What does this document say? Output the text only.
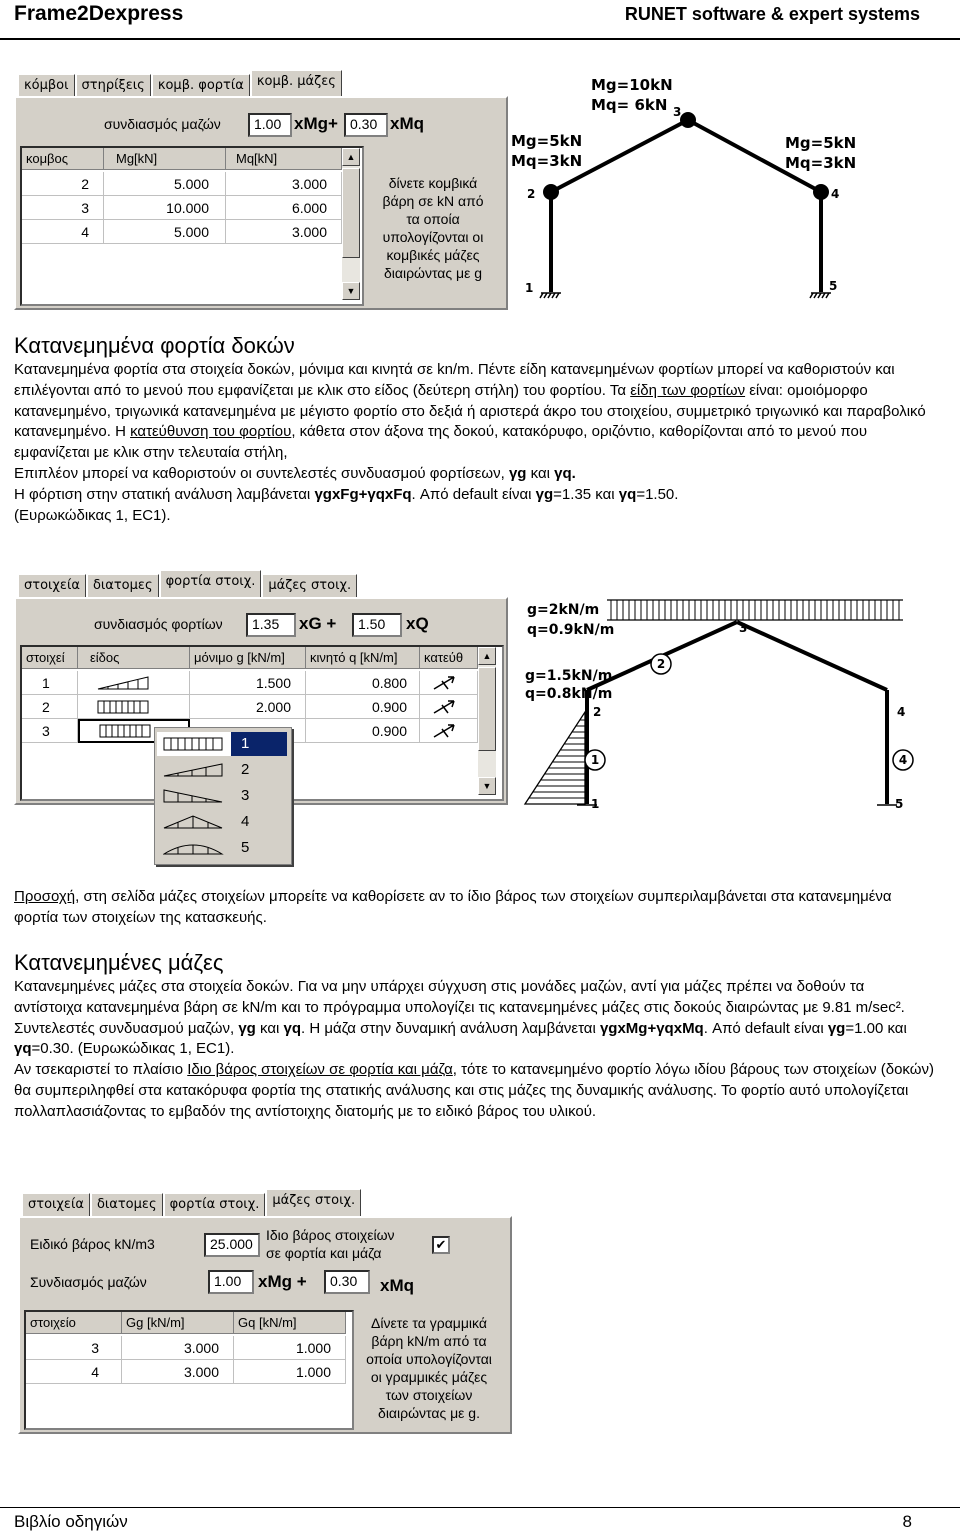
Frame2Dexpress	RUNET software & expert systems
κόμβοι	στηρίξεις	κομβ. φορτία	κομβ. μάζες
συνδιασμός μαζών	1.00 xMg+ 0.30 xMq
κομβος	Mg[kN]	Mq[kN]
2	5.000	3.000
3	10.000	6.000
4	5.000	3.000
▲
▼
δίνετε κομβικά
βάρη σε kN από
τα οποία
υπολογίζονται οι
κομβικές μάζες
διαιρώντας με g
Mg=10kN
Mq= 6kN
Mg=5kN
Mq=3kN
Mg=5kN
Mq=3kN
1
2
3
4
5
Κατανεμημένα φορτία δοκών
Κατανεμημένα φορτία στα στοιχεία δοκών, μόνιμα και κινητά σε kn/m. Πέντε είδη κατανεμημένων φορτίων μπορεί να καθοριστούν και επιλέγονται από το μενού που εμφανίζεται με κλικ στο είδος (δεύτερη στήλη) του φορτίου. Τα είδη των φορτίων είναι: ομοιόμορφο κατανεμημένο, τριγωνικά κατανεμημένα με μέγιστο φορτίο στο δεξιά ή αριστερά άκρο του στοιχείου, συμμετρικό τριγωνικό και παραβολικό κατανεμημένο. Η κατεύθυνση του φορτίου, κάθετα στον άξονα της δοκού, κατακόρυφο, οριζόντιο, καθορίζονται από το μενού που εμφανίζεται με κλικ στην τελευταία στήλη,
Επιπλέον μπορεί να καθοριστούν οι συντελεστές συνδυασμού φορτίσεων, γg και γq.
Η φόρτιση στην στατική ανάλυση λαμβάνεται γgxFg+γqxFq. Από default είναι γg=1.35 και γq=1.50.
(Ευρωκώδικας 1, EC1).
στοιχεία	διατομες	φορτία στοιχ.	μάζες στοιχ.
συνδιασμός φορτίων	1.35	xG +	1.50	xQ
στοιχεί	είδος	μόνιμο g [kN/m]	κινητό q [kN/m]	κατεύθ
1	1.500	0.800
2	2.000	0.900
3	0.900
▲
▼
1
2
3
4
5
1
2
4
g=2kN/m
q=0.9kN/m
g=1.5kN/m
q=0.8kN/m
1
2
3
4
5
Προσοχή, στη σελίδα μάζες στοιχείων μπορείτε να καθορίσετε αν το ίδιο βάρος των στοιχείων συμπεριλαμβάνεται στα κατανεμημένα φορτία των στοιχείων της κατασκευής.
Κατανεμημένες μάζες
Κατανεμημένες μάζες στα στοιχεία δοκών. Για να μην υπάρχει σύγχυση στις μονάδες μαζών, αντί για μάζες πρέπει να δοθούν τα αντίστοιχα κατανεμημένα βάρη σε kN/m και το πρόγραμμα υπολογίζει τις κατανεμημένες μάζες στις δοκούς διαιρώντας με 9.81 m/sec².
Συντελεστές συνδυασμού μαζών, γg και γq. Η μάζα στην δυναμική ανάλυση λαμβάνεται γgxMg+γqxMq. Από default είναι γg=1.00 και γq=0.30. (Ευρωκώδικας 1, EC1).
Αν τσεκαριστεί το πλαίσιο Ιδιο βάρος στοιχείων σε φορτία και μάζα, τότε το κατανεμημένο φορτίο λόγω ιδίου βάρους των στοιχείων (δοκών) θα συμπεριληφθεί στα κατακόρυφα φορτία της στατικής ανάλυσης και στις μάζες της δυναμικής ανάλυσης. Το φορτίο αυτό υπολογίζεται πολλαπλασιάζοντας το εμβαδόν της αντίστοιχης διατομής με το ειδικό βάρος του υλικού.
στοιχεία	διατομες	φορτία στοιχ.	μάζες στοιχ.
Ειδικό βάρος kN/m3	25.000
Ιδιο βάρος στοιχείων
σε φορτία και μάζα
✔
Συνδιασμός μαζών	1.00 xMg +	0.30	xMq
στοιχείο	Gg [kN/m]	Gq [kN/m]
3	3.000	1.000
4	3.000	1.000
Δίνετε τα γραμμικά
βάρη kN/m από τα
οποία υπολογίζονται
οι γραμμικές μάζες
των στοιχείων
διαιρώντας με g.
Βιβλίο οδηγιών	8
